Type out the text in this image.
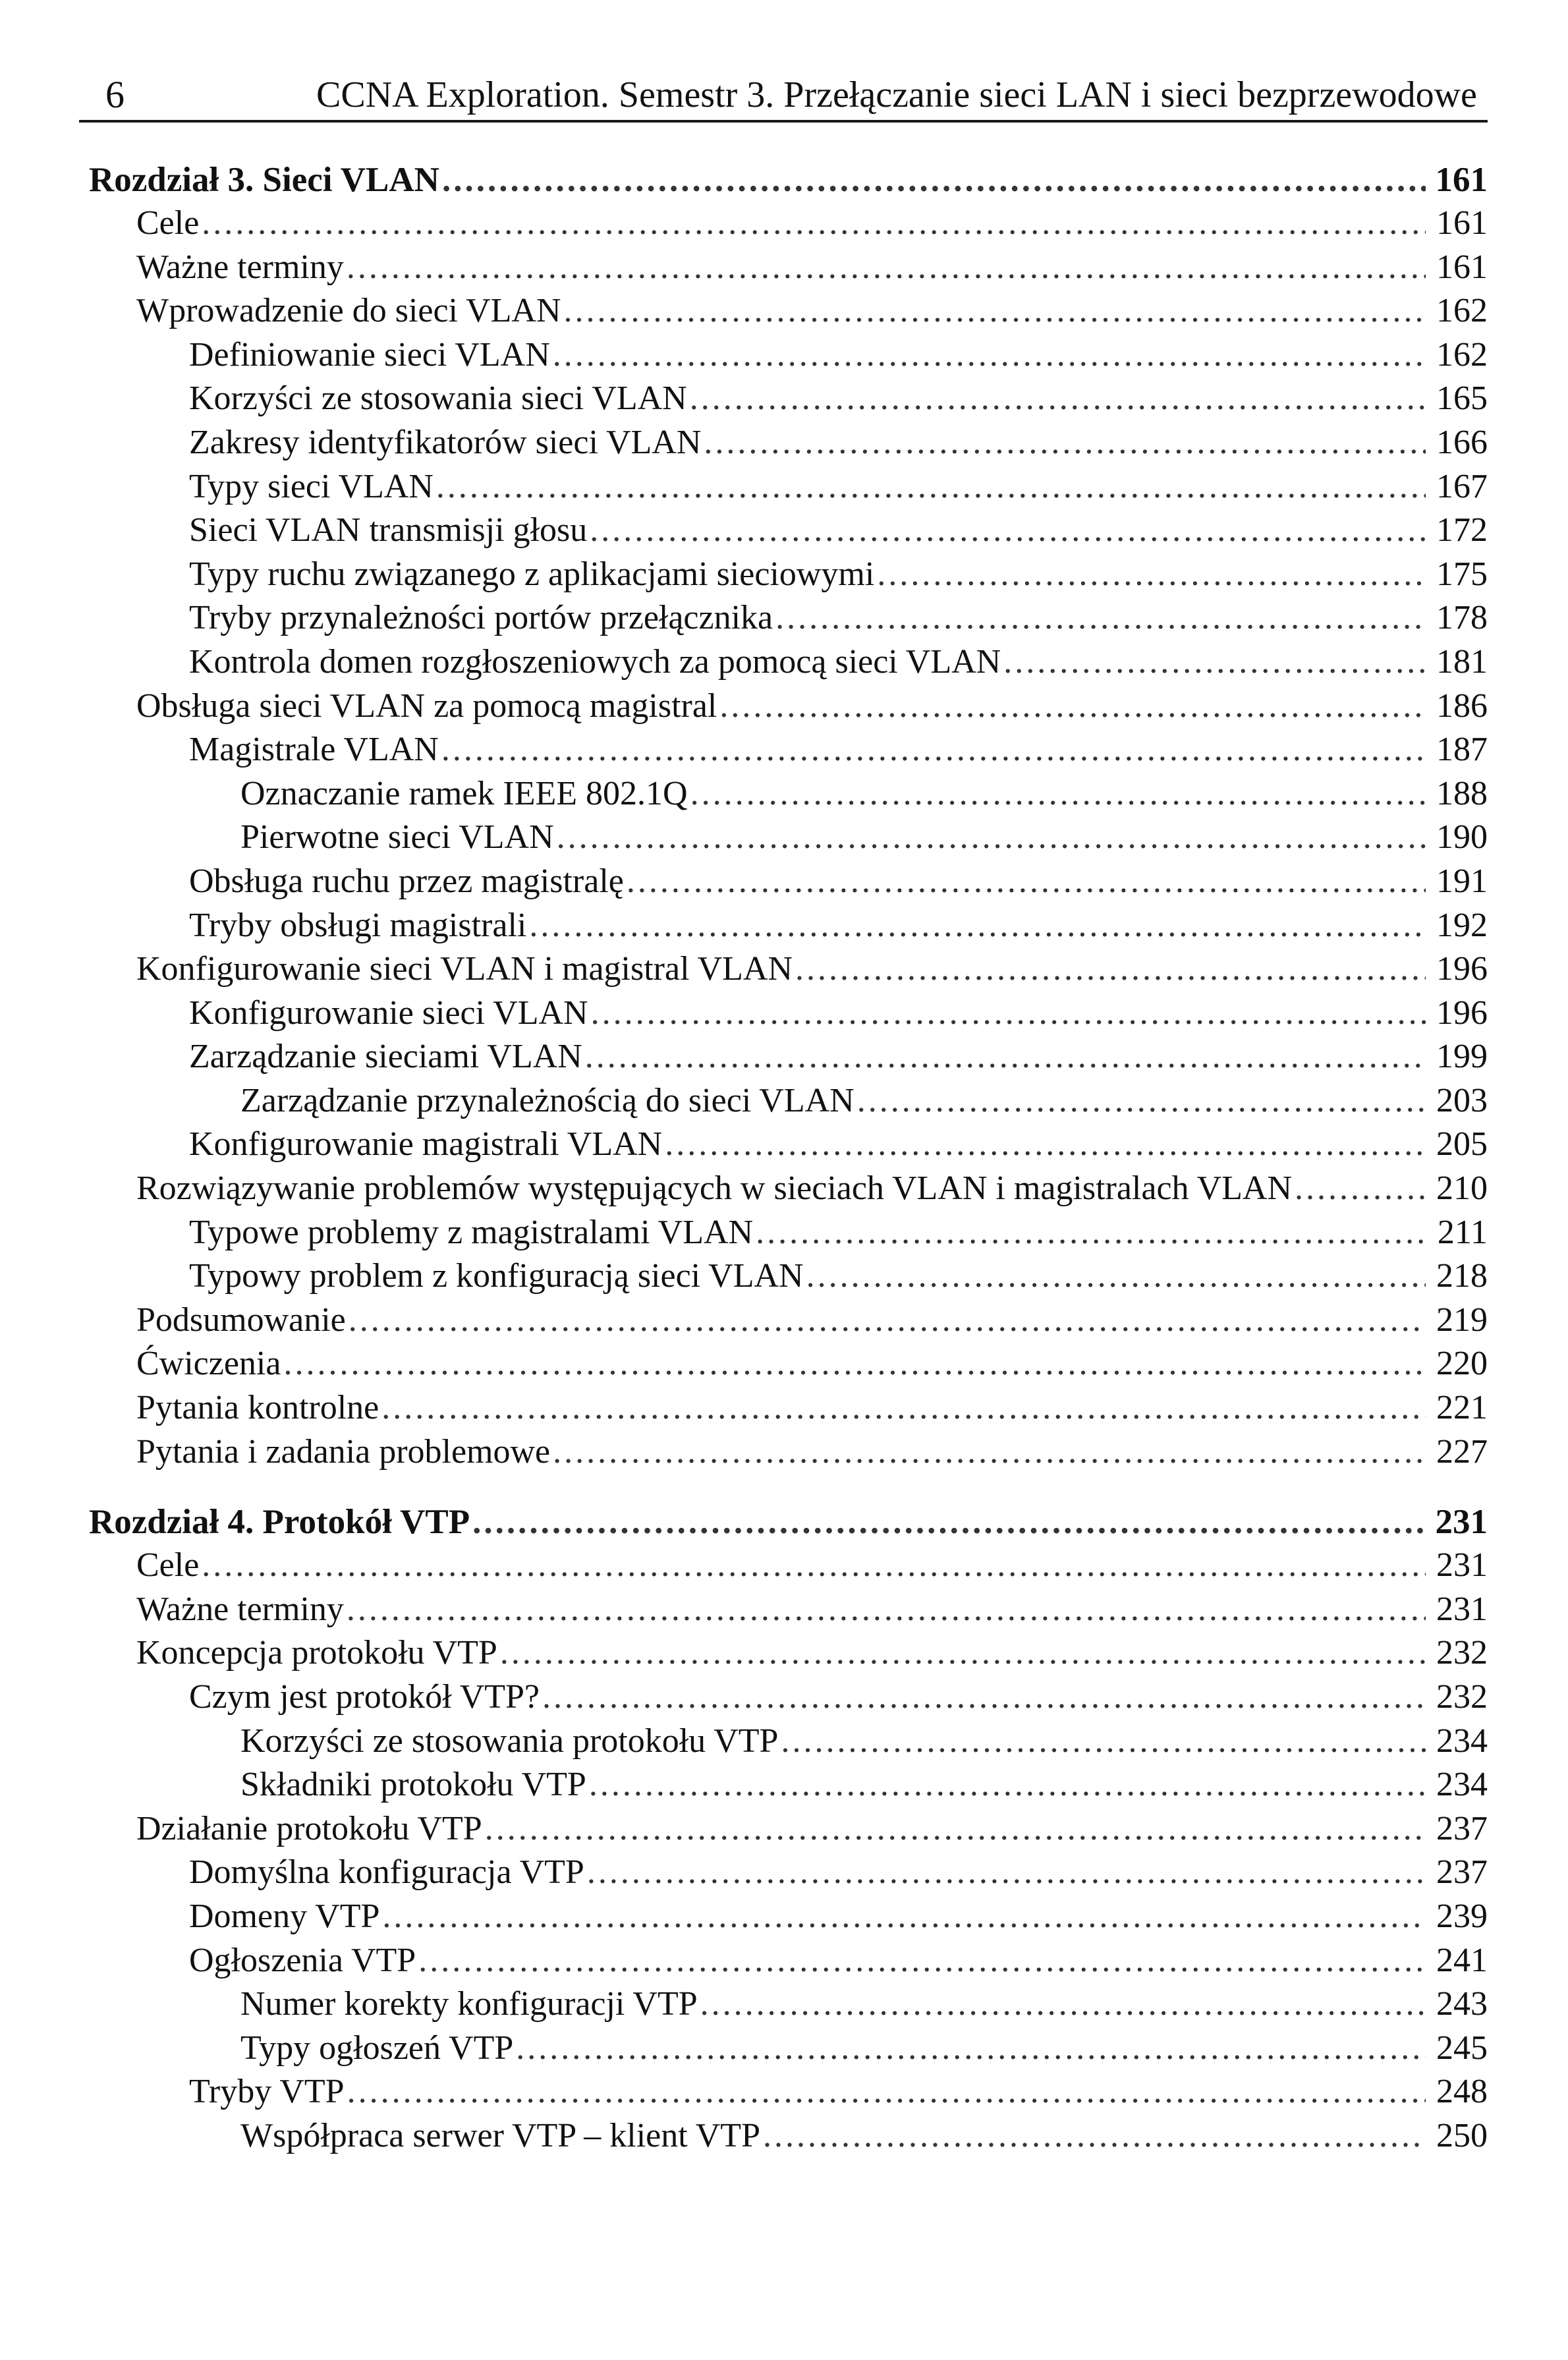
6	CCNA Exploration. Semestr 3. Przełączanie sieci LAN i sieci bezprzewodowe
Rozdział 3. Sieci VLAN .....	161
Cele .....	161
Ważne terminy .....	161
Wprowadzenie do sieci VLAN .....	162
Definiowanie sieci VLAN .....	162
Korzyści ze stosowania sieci VLAN .....	165
Zakresy identyfikatorów sieci VLAN .....	166
Typy sieci VLAN .....	167
Sieci VLAN transmisji głosu .....	172
Typy ruchu związanego z aplikacjami sieciowymi .....	175
Tryby przynależności portów przełącznika .....	178
Kontrola domen rozgłoszeniowych za pomocą sieci VLAN .....	181
Obsługa sieci VLAN za pomocą magistral .....	186
Magistrale VLAN .....	187
Oznaczanie ramek IEEE 802.1Q .....	188
Pierwotne sieci VLAN .....	190
Obsługa ruchu przez magistralę .....	191
Tryby obsługi magistrali .....	192
Konfigurowanie sieci VLAN i magistral VLAN .....	196
Konfigurowanie sieci VLAN .....	196
Zarządzanie sieciami VLAN .....	199
Zarządzanie przynależnością do sieci VLAN .....	203
Konfigurowanie magistrali VLAN .....	205
Rozwiązywanie problemów występujących w sieciach VLAN i magistralach VLAN .....	210
Typowe problemy z magistralami VLAN .....	211
Typowy problem z konfiguracją sieci VLAN .....	218
Podsumowanie .....	219
Ćwiczenia .....	220
Pytania kontrolne .....	221
Pytania i zadania problemowe .....	227
Rozdział 4. Protokół VTP .....	231
Cele .....	231
Ważne terminy .....	231
Koncepcja protokołu VTP .....	232
Czym jest protokół VTP? .....	232
Korzyści ze stosowania protokołu VTP .....	234
Składniki protokołu VTP .....	234
Działanie protokołu VTP .....	237
Domyślna konfiguracja VTP .....	237
Domeny VTP .....	239
Ogłoszenia VTP .....	241
Numer korekty konfiguracji VTP .....	243
Typy ogłoszeń VTP .....	245
Tryby VTP .....	248
Współpraca serwer VTP – klient VTP .....	250
